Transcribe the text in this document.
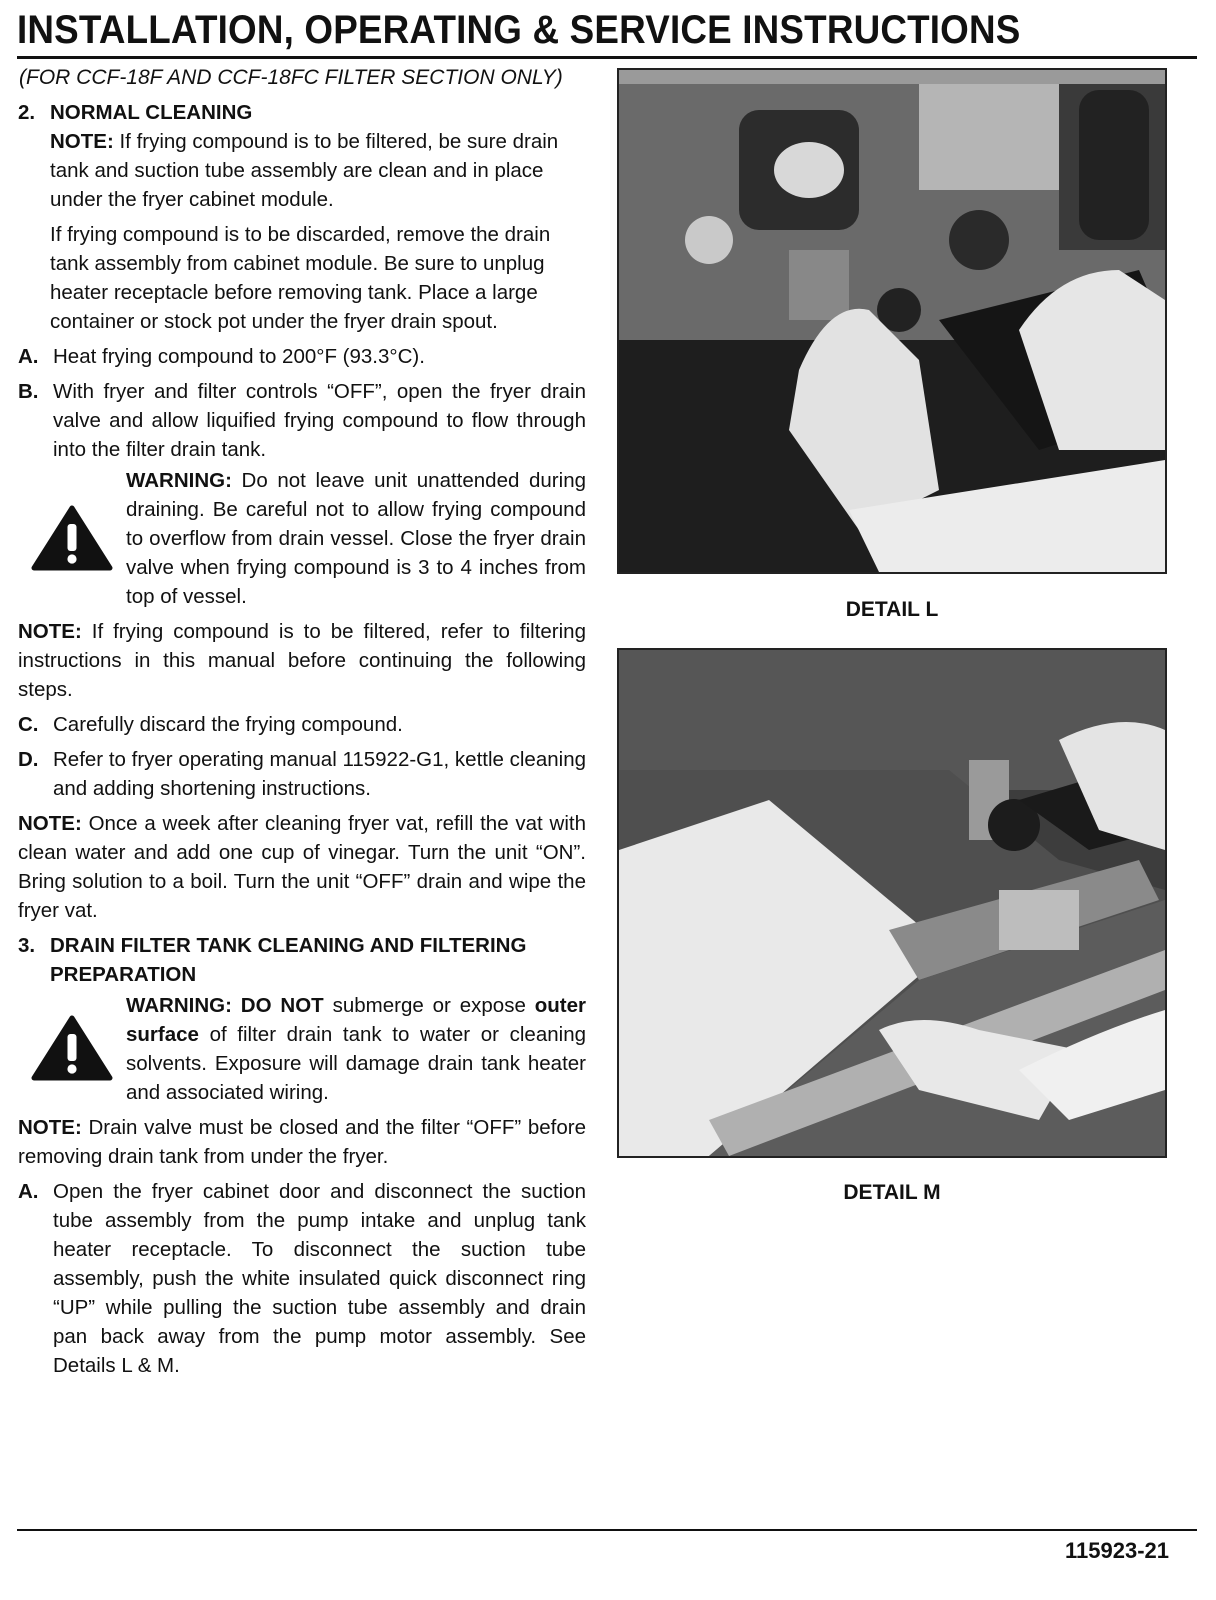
INSTALLATION, OPERATING & SERVICE INSTRUCTIONS
(FOR CCF-18F AND CCF-18FC FILTER SECTION ONLY)
2. NORMAL CLEANING

NOTE: If frying compound is to be filtered, be sure drain tank and suction tube assembly are clean and in place under the fryer cabinet module.

If frying compound is to be discarded, remove the drain tank assembly from cabinet module. Be sure to unplug heater receptacle before removing tank. Place a large container or stock pot under the fryer drain spout.

A. Heat frying compound to 200°F (93.3°C).
B. With fryer and filter controls “OFF”, open the fryer drain valve and allow liquified frying compound to flow through into the filter drain tank.
WARNING: Do not leave unit unattended during draining. Be careful not to allow frying compound to overflow from drain vessel. Close the fryer drain valve when frying compound is 3 to 4 inches from top of vessel.

NOTE: If frying compound is to be filtered, refer to filtering instructions in this manual before continuing the following steps.

C. Carefully discard the frying compound.
D. Refer to fryer operating manual 115922-G1, kettle cleaning and adding shortening instructions.

NOTE: Once a week after cleaning fryer vat, refill the vat with clean water and add one cup of vinegar. Turn the unit “ON”. Bring solution to a boil. Turn the unit “OFF” drain and wipe the fryer vat.

3. DRAIN FILTER TANK CLEANING AND FILTERING PREPARATION
WARNING: DO NOT submerge or expose outer surface of filter drain tank to water or cleaning solvents. Exposure will damage drain tank heater and associated wiring.

NOTE: Drain valve must be closed and the filter “OFF” before removing drain tank from under the fryer.

A. Open the fryer cabinet door and disconnect the suction tube assembly from the pump intake and unplug tank heater receptacle. To disconnect the suction tube assembly, push the white insulated quick disconnect ring “UP” while pulling the suction tube assembly and drain pan back away from the pump motor assembly. See Details L & M.
DETAIL L
DETAIL M
115923-21
